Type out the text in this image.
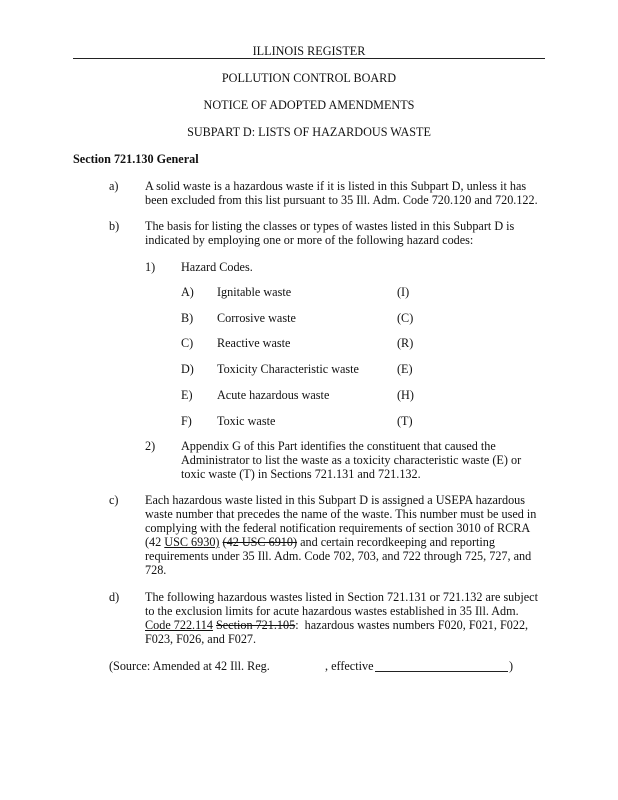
ILLINOIS REGISTER
POLLUTION CONTROL BOARD
NOTICE OF ADOPTED AMENDMENTS
SUBPART D: LISTS OF HAZARDOUS WASTE
Section 721.130 General
a) A solid waste is a hazardous waste if it is listed in this Subpart D, unless it has
been excluded from this list pursuant to 35 Ill. Adm. Code 720.120 and 720.122.
b) The basis for listing the classes or types of wastes listed in this Subpart D is
indicated by employing one or more of the following hazard codes:
1) Hazard Codes.
A) Ignitable waste	(I)
B) Corrosive waste	(C)
C) Reactive waste	(R)
D) Toxicity Characteristic waste	(E)
E) Acute hazardous waste	(H)
F) Toxic waste	(T)
2) Appendix G of this Part identifies the constituent that caused the
Administrator to list the waste as a toxicity characteristic waste (E) or
toxic waste (T) in Sections 721.131 and 721.132.
c) Each hazardous waste listed in this Subpart D is assigned a USEPA hazardous
waste number that precedes the name of the waste. This number must be used in
complying with the federal notification requirements of section 3010 of RCRA
(42 USC 6930) (42 USC 6910) and certain recordkeeping and reporting
requirements under 35 Ill. Adm. Code 702, 703, and 722 through 725, 727, and
728.
d) The following hazardous wastes listed in Section 721.131 or 721.132 are subject
to the exclusion limits for acute hazardous wastes established in 35 Ill. Adm.
Code 722.114 Section 721.105:  hazardous wastes numbers F020, F021, F022,
F023, F026, and F027.
(Source: Amended at 42 Ill. Reg.	, effective	)
